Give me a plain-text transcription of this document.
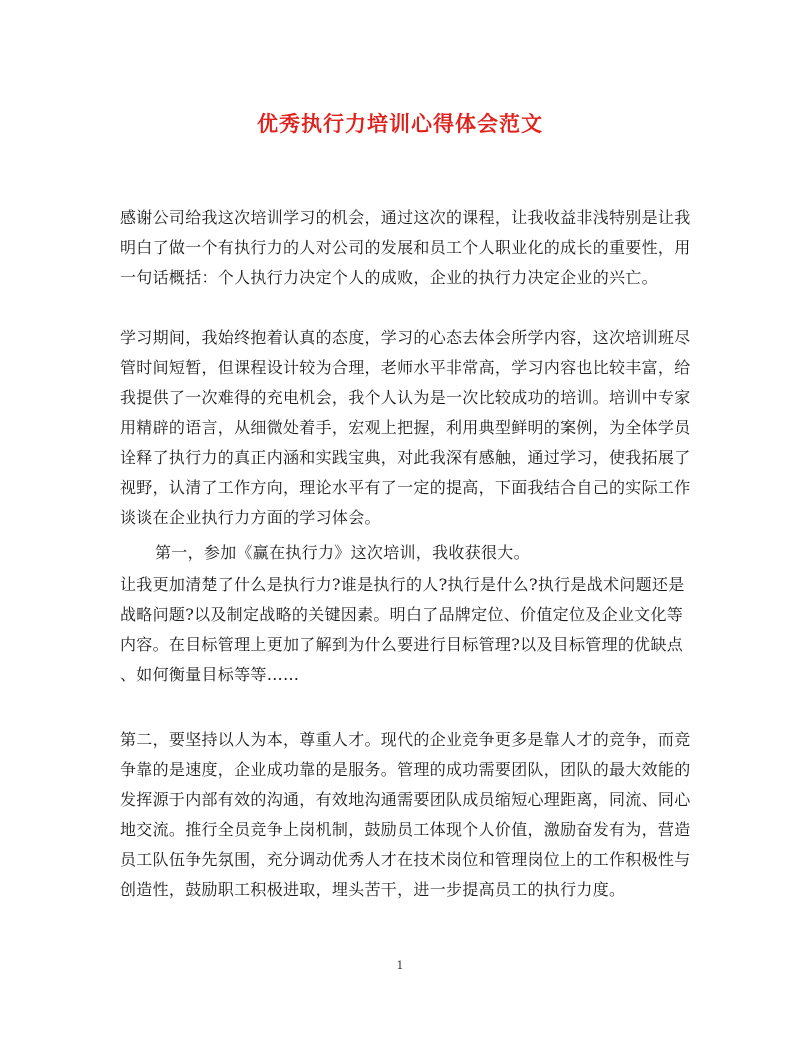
优秀执行力培训心得体会范文
感谢公司给我这次培训学习的机会，通过这次的课程，让我收益非浅特别是让我
明白了做一个有执行力的人对公司的发展和员工个人职业化的成长的重要性，用
一句话概括：个人执行力决定个人的成败，企业的执行力决定企业的兴亡。
学习期间，我始终抱着认真的态度，学习的心态去体会所学内容，这次培训班尽
管时间短暂，但课程设计较为合理，老师水平非常高，学习内容也比较丰富，给
我提供了一次难得的充电机会，我个人认为是一次比较成功的培训。培训中专家
用精辟的语言，从细微处着手，宏观上把握，利用典型鲜明的案例，为全体学员
诠释了执行力的真正内涵和实践宝典，对此我深有感触，通过学习，使我拓展了
视野，认清了工作方向，理论水平有了一定的提高，下面我结合自己的实际工作
谈谈在企业执行力方面的学习体会。
第一，参加《赢在执行力》这次培训，我收获很大。
让我更加清楚了什么是执行力?谁是执行的人?执行是什么?执行是战术问题还是
战略问题?以及制定战略的关键因素。明白了品牌定位、价值定位及企业文化等
内容。在目标管理上更加了解到为什么要进行目标管理?以及目标管理的优缺点
、如何衡量目标等等……
第二，要坚持以人为本，尊重人才。现代的企业竞争更多是靠人才的竞争，而竞
争靠的是速度，企业成功靠的是服务。管理的成功需要团队，团队的最大效能的
发挥源于内部有效的沟通，有效地沟通需要团队成员缩短心理距离，同流、同心
地交流。推行全员竞争上岗机制，鼓励员工体现个人价值，激励奋发有为，营造
员工队伍争先氛围，充分调动优秀人才在技术岗位和管理岗位上的工作积极性与
创造性，鼓励职工积极进取，埋头苦干，进一步提高员工的执行力度。
1
